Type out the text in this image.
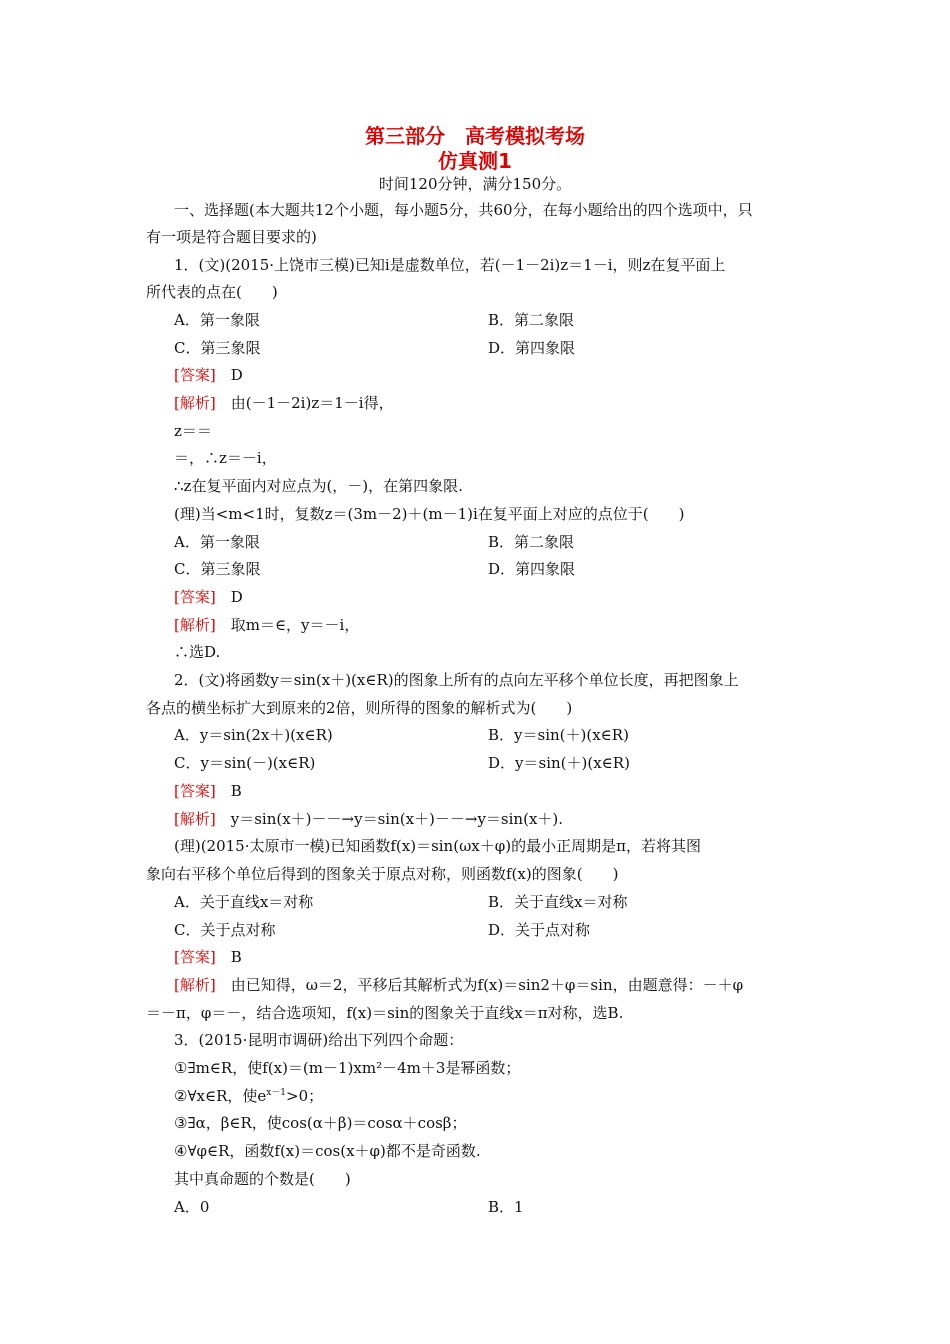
第三部分　高考模拟考场
仿真测1
时间120分钟，满分150分。
一、选择题(本大题共12个小题，每小题5分，共60分，在每小题给出的四个选项中，只
有一项是符合题目要求的)
1．(文)(2015·上饶市三模)已知i是虚数单位，若(－1－2i)z＝1－i，则z在复平面上
所代表的点在(　　)
A．第一象限	B．第二象限
C．第三象限	D．第四象限
[答案]　 D
[解析]　 由(－1－2i)z＝1－i得，
z＝＝
＝，∴z＝－i，
∴z在复平面内对应点为(，－)，在第四象限.
(理)当<m<1时，复数z＝(3m－2)＋(m－1)i在复平面上对应的点位于(　　)
A．第一象限	B．第二象限
C．第三象限	D．第四象限
[答案]　 D
[解析]　 取m＝∈，y＝－i，
∴选D.
2．(文)将函数y＝sin(x＋)(x∈R)的图象上所有的点向左平移个单位长度，再把图象上
各点的横坐标扩大到原来的2倍，则所得的图象的解析式为(　　)
A．y＝sin(2x＋)(x∈R)	B．y＝sin(＋)(x∈R)
C．y＝sin(－)(x∈R)	D．y＝sin(＋)(x∈R)
[答案]　 B
[解析]　 y＝sin(x＋)－－→y＝sin(x＋)－－→y＝sin(x＋).
(理)(2015·太原市一模)已知函数f(x)＝sin(ωx＋φ)的最小正周期是π，若将其图
象向右平移个单位后得到的图象关于原点对称，则函数f(x)的图象(　　)
A．关于直线x＝对称	B．关于直线x＝对称
C．关于点对称	D．关于点对称
[答案]　 B
[解析]　 由已知得，ω＝2，平移后其解析式为f(x)＝sin2＋φ＝sin，由题意得：－＋φ
＝－π，φ＝－，结合选项知，f(x)＝sin的图象关于直线x＝π对称，选B.
3．(2015·昆明市调研)给出下列四个命题：
①∃m∈R，使f(x)＝(m－1)xm²－4m＋3是幂函数；
②∀x∈R，使$e^{x-1}>0$；
③∃α，β∈R，使cos(α＋β)＝cosα＋cosβ；
④∀φ∈R，函数f(x)＝cos(x＋φ)都不是奇函数.
其中真命题的个数是(　　)
A．0	B．1
